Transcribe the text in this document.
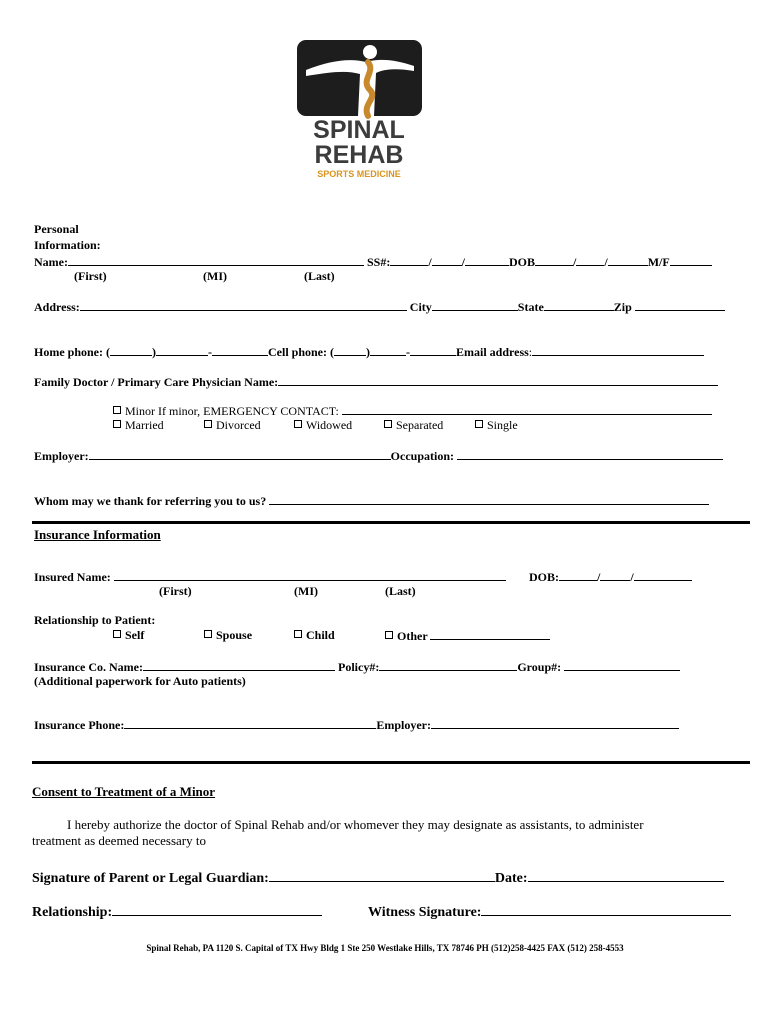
SPINAL
REHAB
SPORTS MEDICINE
Personal
Information:
Name:	SS#:	/	/	DOB	/ /	M/F
(First)	(MI)	(Last)
Address:	City	State	Zip
Home phone: (	)	-	Cell phone: (	)	-	Email address:
Family Doctor / Primary Care Physician Name:
Minor If minor, EMERGENCY CONTACT:
Married	Divorced	Widowed	Separated	Single
Employer:	Occupation:
Whom may we thank for referring you to us?
Insurance Information
Insured Name:	DOB:	/	/
(First)	(MI)	(Last)
Relationship to Patient:
Self	Spouse	Child	Other
Insurance Co. Name:	Policy#:	Group#:
(Additional paperwork for Auto patients)
Insurance Phone:	Employer:
Consent to Treatment of a Minor
I hereby authorize the doctor of Spinal Rehab and/or whomever they may designate as assistants, to administer
treatment as deemed necessary to
Signature of Parent or Legal Guardian:	Date:
Relationship:	Witness Signature:
Spinal Rehab, PA 1120 S. Capital of TX Hwy Bldg 1 Ste 250 Westlake Hills, TX 78746 PH (512)258-4425 FAX (512) 258-4553
